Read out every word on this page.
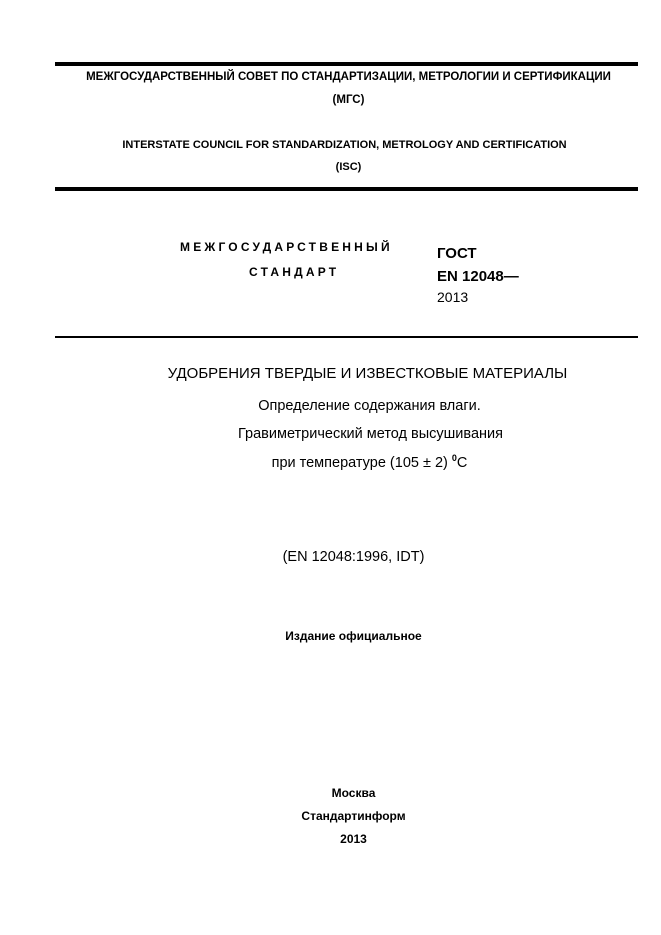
МЕЖГОСУДАРСТВЕННЫЙ СОВЕТ ПО СТАНДАРТИЗАЦИИ, МЕТРОЛОГИИ И СЕРТИФИКАЦИИ
(МГС)
INTERSTATE COUNCIL FOR STANDARDIZATION, METROLOGY AND CERTIFICATION
(ISC)
МЕЖГОСУДАРСТВЕННЫЙ
СТАНДАРТ
ГОСТ
EN 12048—
2013
УДОБРЕНИЯ ТВЕРДЫЕ И ИЗВЕСТКОВЫЕ МАТЕРИАЛЫ
Определение содержания влаги.
Гравиметрический метод высушивания
при температуре (105 ± 2) $^0$C
(EN 12048:1996, IDT)
Издание официальное
Москва
Стандартинформ
2013
